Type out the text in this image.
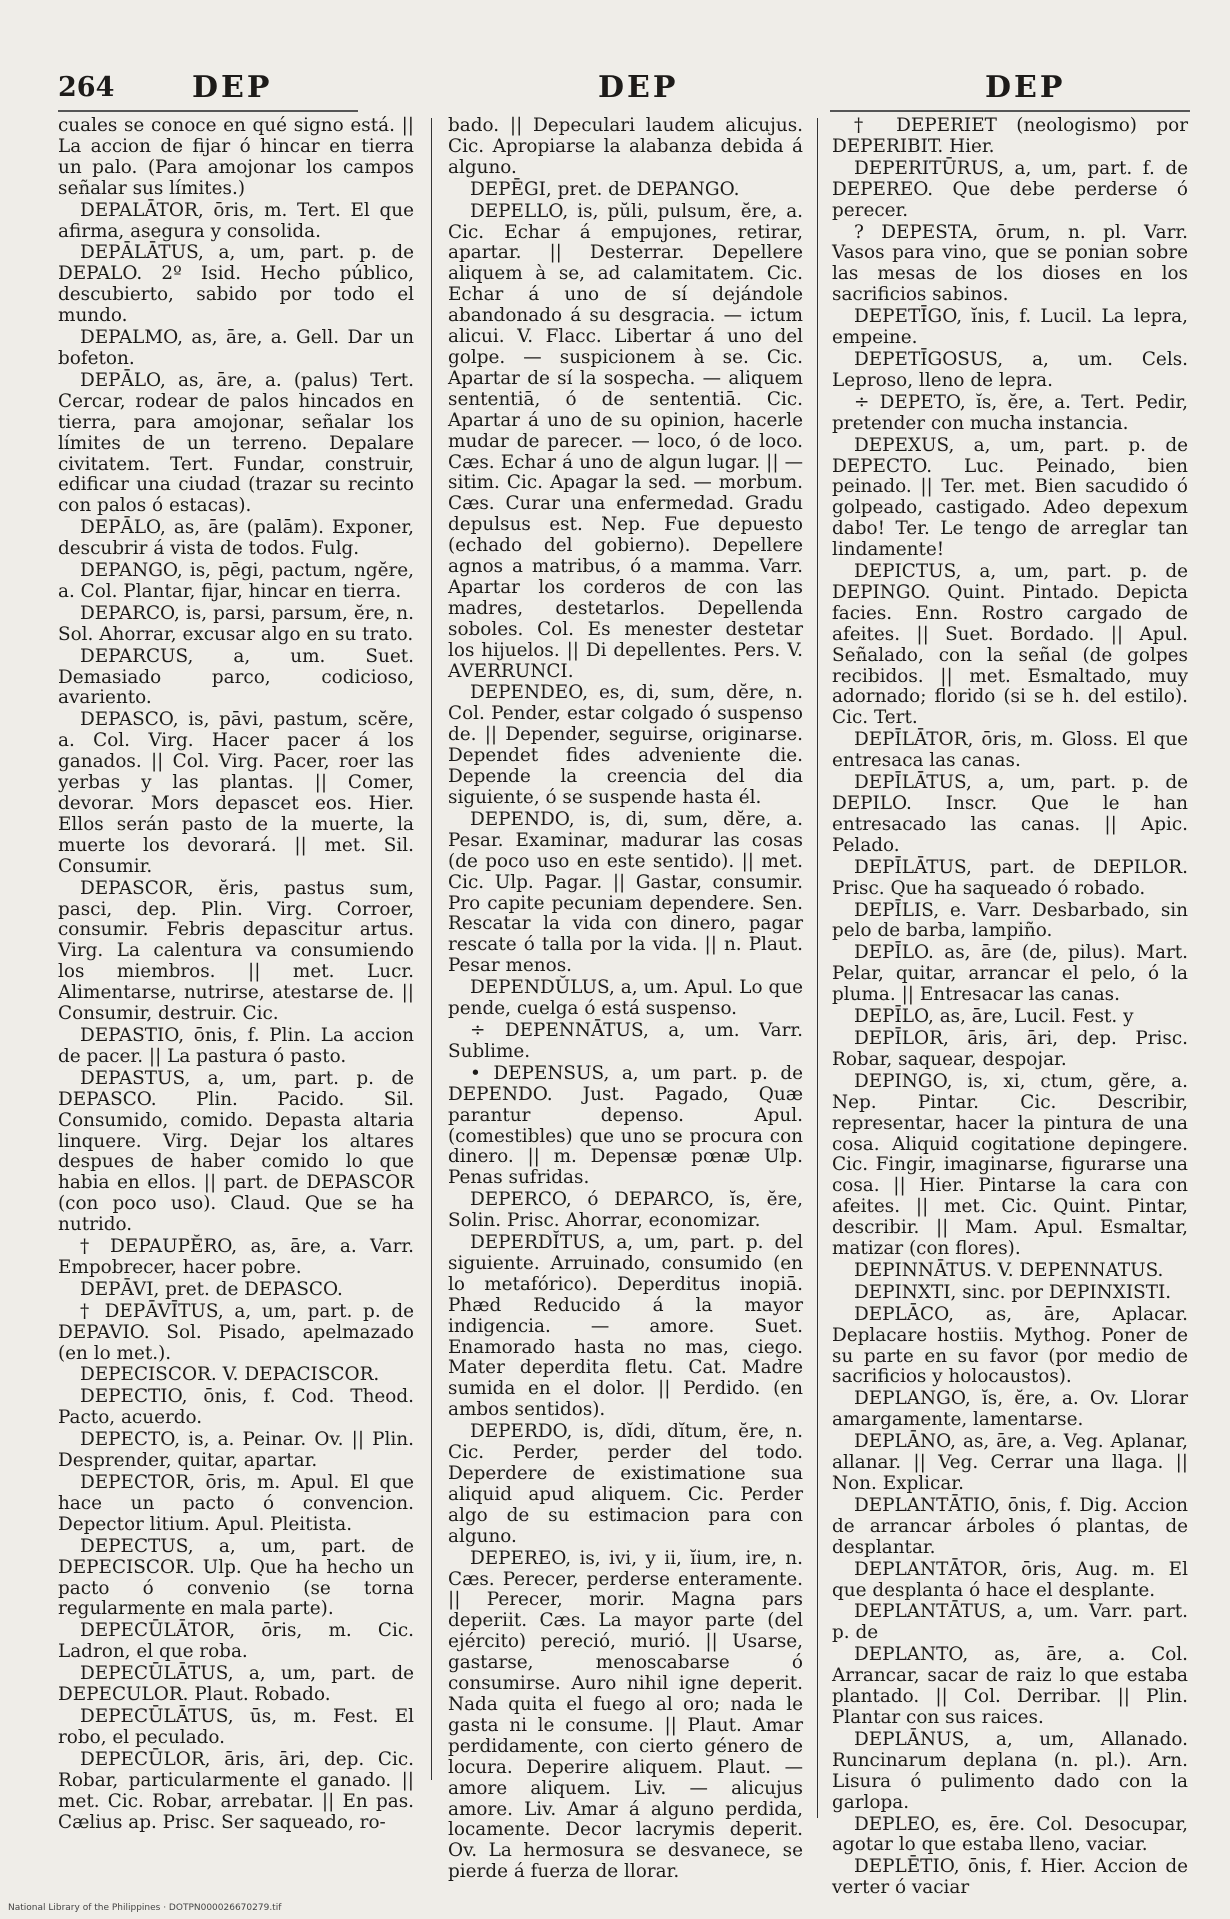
264	DEP	DEP	DEP

cuales se conoce en qué signo está. || La accion de fijar ó hincar en tierra un palo. (Para amojonar los campos señalar sus límites.)

DEPALĀTOR, ōris, m. Tert. El que afirma, asegura y consolida.

DEPĀLĀTUS, a, um, part. p. de DEPALO. 2º Isid. Hecho público, descubierto, sabido por todo el mundo.

DEPALMO, as, āre, a. Gell. Dar un bofeton.

DEPĀLO, as, āre, a. (palus) Tert. Cercar, rodear de palos hincados en tierra, para amojonar, señalar los límites de un terreno. Depalare civitatem. Tert. Fundar, construir, edificar una ciudad (trazar su recinto con palos ó estacas).

DEPĀLO, as, āre (palām). Exponer, descubrir á vista de todos. Fulg.

DEPANGO, is, pēgi, pactum, ngĕre, a. Col. Plantar, fijar, hincar en tierra.

DEPARCO, is, parsi, parsum, ĕre, n. Sol. Ahorrar, excusar algo en su trato.

DEPARCUS, a, um. Suet. Demasiado parco, codicioso, avariento.

DEPASCO, is, pāvi, pastum, scĕre, a. Col. Virg. Hacer pacer á los ganados. || Col. Virg. Pacer, roer las yerbas y las plantas. || Comer, devorar. Mors depascet eos. Hier. Ellos serán pasto de la muerte, la muerte los devorará. || met. Sil. Consumir.

DEPASCOR, ĕris, pastus sum, pasci, dep. Plin. Virg. Corroer, consumir. Febris depascitur artus. Virg. La calentura va consumiendo los miembros. || met. Lucr. Alimentarse, nutrirse, atestarse de. || Consumir, destruir. Cic.

DEPASTIO, ōnis, f. Plin. La accion de pacer. || La pastura ó pasto.

DEPASTUS, a, um, part. p. de DEPASCO. Plin. Pacido. Sil. Consumido, comido. Depasta altaria linquere. Virg. Dejar los altares despues de haber comido lo que habia en ellos. || part. de DEPASCOR (con poco uso). Claud. Que se ha nutrido.

† DEPAUPĔRO, as, āre, a. Varr. Empobrecer, hacer pobre.

DEPĀVI, pret. de DEPASCO.

† DEPĀVĪTUS, a, um, part. p. de DEPAVIO. Sol. Pisado, apelmazado (en lo met.).

DEPECISCOR. V. DEPACISCOR.

DEPECTIO, ōnis, f. Cod. Theod. Pacto, acuerdo.

DEPECTO, is, a. Peinar. Ov. || Plin. Desprender, quitar, apartar.

DEPECTOR, ōris, m. Apul. El que hace un pacto ó convencion. Depector litium. Apul. Pleitista.

DEPECTUS, a, um, part. de DEPECISCOR. Ulp. Que ha hecho un pacto ó convenio (se torna regularmente en mala parte).

DEPECŪLĀTOR, ōris, m. Cic. Ladron, el que roba.

DEPECŪLĀTUS, a, um, part. de DEPECULOR. Plaut. Robado.

DEPECŪLĀTUS, ūs, m. Fest. El robo, el peculado.

DEPECŪLOR, āris, āri, dep. Cic. Robar, particularmente el ganado. || met. Cic. Robar, arrebatar. || En pas. Cælius ap. Prisc. Ser saqueado, ro-

bado. || Depeculari laudem alicujus. Cic. Apropiarse la alabanza debida á alguno.

DEPĒGI, pret. de DEPANGO.

DEPELLO, is, pŭli, pulsum, ĕre, a. Cic. Echar á empujones, retirar, apartar. || Desterrar. Depellere aliquem à se, ad calamitatem. Cic. Echar á uno de sí dejándole abandonado á su desgracia. — ictum alicui. V. Flacc. Libertar á uno del golpe. — suspicionem à se. Cic. Apartar de sí la sospecha. — aliquem sententiā, ó de sententiā. Cic. Apartar á uno de su opinion, hacerle mudar de parecer. — loco, ó de loco. Cæs. Echar á uno de algun lugar. || — sitim. Cic. Apagar la sed. — morbum. Cæs. Curar una enfermedad. Gradu depulsus est. Nep. Fue depuesto (echado del gobierno). Depellere agnos a matribus, ó a mamma. Varr. Apartar los corderos de con las madres, destetarlos. Depellenda soboles. Col. Es menester destetar los hijuelos. || Di depellentes. Pers. V. AVERRUNCI.

DEPENDEO, es, di, sum, dĕre, n. Col. Pender, estar colgado ó suspenso de. || Depender, seguirse, originarse. Dependet fides adveniente die. Depende la creencia del dia siguiente, ó se suspende hasta él.

DEPENDO, is, di, sum, dĕre, a. Pesar. Examinar, madurar las cosas (de poco uso en este sentido). || met. Cic. Ulp. Pagar. || Gastar, consumir. Pro capite pecuniam dependere. Sen. Rescatar la vida con dinero, pagar rescate ó talla por la vida. || n. Plaut. Pesar menos.

DEPENDŬLUS, a, um. Apul. Lo que pende, cuelga ó está suspenso.

÷ DEPENNĀTUS, a, um. Varr. Sublime.

• DEPENSUS, a, um part. p. de DEPENDO. Just. Pagado, Quæ parantur depenso. Apul. (comestibles) que uno se procura con dinero. || m. Depensæ pœnæ Ulp. Penas sufridas.

DEPERCO, ó DEPARCO, ĭs, ĕre, Solin. Prisc. Ahorrar, economizar.

DEPERDĬTUS, a, um, part. p. del siguiente. Arruinado, consumido (en lo metafórico). Deperditus inopiā. Phæd Reducido á la mayor indigencia. — amore. Suet. Enamorado hasta no mas, ciego. Mater deperdita fletu. Cat. Madre sumida en el dolor. || Perdido. (en ambos sentidos).

DEPERDO, is, dĭdi, dĭtum, ĕre, n. Cic. Perder, perder del todo. Deperdere de existimatione sua aliquid apud aliquem. Cic. Perder algo de su estimacion para con alguno.

DEPEREO, is, ivi, y ii, ĭium, ire, n. Cæs. Perecer, perderse enteramente. || Perecer, morir. Magna pars deperiit. Cæs. La mayor parte (del ejército) pereció, murió. || Usarse, gastarse, menoscabarse ó consumirse. Auro nihil igne deperit. Nada quita el fuego al oro; nada le gasta ni le consume. || Plaut. Amar perdidamente, con cierto género de locura. Deperire aliquem. Plaut. — amore aliquem. Liv. — alicujus amore. Liv. Amar á alguno perdida, locamente. Decor lacrymis deperit. Ov. La hermosura se desvanece, se pierde á fuerza de llorar.

† DEPERIET (neologismo) por DEPERIBIT. Hier.

DEPERITŪRUS, a, um, part. f. de DEPEREO. Que debe perderse ó perecer.

? DEPESTA, ōrum, n. pl. Varr. Vasos para vino, que se ponian sobre las mesas de los dioses en los sacrificios sabinos.

DEPETĪGO, ĭnis, f. Lucil. La lepra, empeine.

DEPETĪGOSUS, a, um. Cels. Leproso, lleno de lepra.

÷ DEPETO, ĭs, ĕre, a. Tert. Pedir, pretender con mucha instancia.

DEPEXUS, a, um, part. p. de DEPECTO. Luc. Peinado, bien peinado. || Ter. met. Bien sacudido ó golpeado, castigado. Adeo depexum dabo! Ter. Le tengo de arreglar tan lindamente!

DEPICTUS, a, um, part. p. de DEPINGO. Quint. Pintado. Depicta facies. Enn. Rostro cargado de afeites. || Suet. Bordado. || Apul. Señalado, con la señal (de golpes recibidos. || met. Esmaltado, muy adornado; florido (si se h. del estilo). Cic. Tert.

DEPĪLĀTOR, ōris, m. Gloss. El que entresaca las canas.

DEPĪLĀTUS, a, um, part. p. de DEPILO. Inscr. Que le han entresacado las canas. || Apic. Pelado.

DEPĪLĀTUS, part. de DEPILOR. Prisc. Que ha saqueado ó robado.

DEPĪLIS, e. Varr. Desbarbado, sin pelo de barba, lampiño.

DEPĪLO. as, āre (de, pilus). Mart. Pelar, quitar, arrancar el pelo, ó la pluma. || Entresacar las canas.

DEPĪLO, as, āre, Lucil. Fest. y

DEPĪLOR, āris, āri, dep. Prisc. Robar, saquear, despojar.

DEPINGO, is, xi, ctum, gĕre, a. Nep. Pintar. Cic. Describir, representar, hacer la pintura de una cosa. Aliquid cogitatione depingere. Cic. Fingir, imaginarse, figurarse una cosa. || Hier. Pintarse la cara con afeites. || met. Cic. Quint. Pintar, describir. || Mam. Apul. Esmaltar, matizar (con flores).

DEPINNĀTUS. V. DEPENNATUS.

DEPINXTI, sinc. por DEPINXISTI.

DEPLĀCO, as, āre, Aplacar. Deplacare hostiis. Mythog. Poner de su parte en su favor (por medio de sacrificios y holocaustos).

DEPLANGO, ĭs, ĕre, a. Ov. Llorar amargamente, lamentarse.

DEPLĀNO, as, āre, a. Veg. Aplanar, allanar. || Veg. Cerrar una llaga. || Non. Explicar.

DEPLANTĀTIO, ōnis, f. Dig. Accion de arrancar árboles ó plantas, de desplantar.

DEPLANTĀTOR, ōris, Aug. m. El que desplanta ó hace el desplante.

DEPLANTĀTUS, a, um. Varr. part. p. de

DEPLANTO, as, āre, a. Col. Arrancar, sacar de raiz lo que estaba plantado. || Col. Derribar. || Plin. Plantar con sus raices.

DEPLĀNUS, a, um, Allanado. Runcinarum deplana (n. pl.). Arn. Lisura ó pulimento dado con la garlopa.

DEPLEO, es, ēre. Col. Desocupar, agotar lo que estaba lleno, vaciar.

DEPLĒTIO, ōnis, f. Hier. Accion de verter ó vaciar

National Library of the Philippines · DOTPN000026670279.tif
